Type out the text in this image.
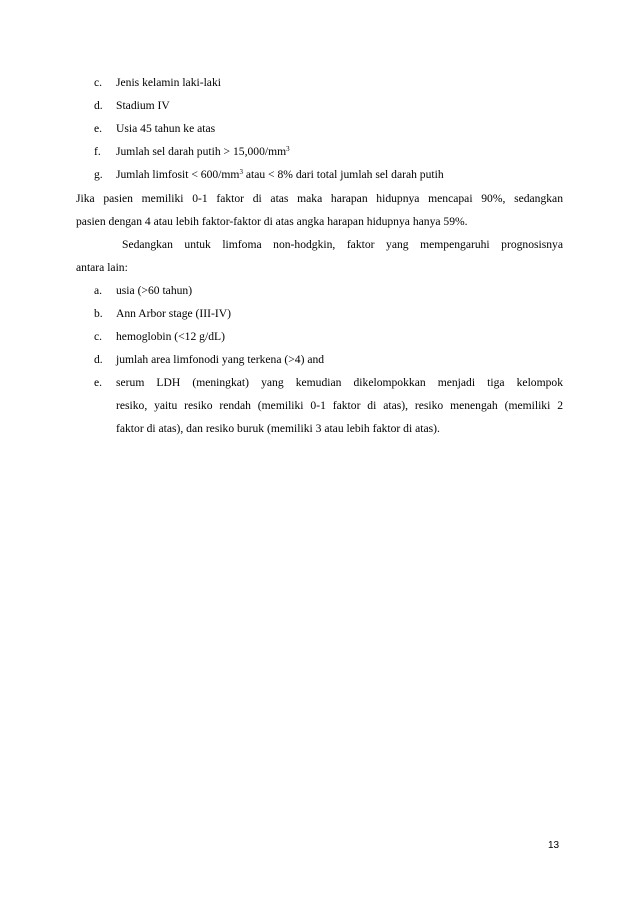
c. Jenis kelamin laki-laki
d. Stadium IV
e. Usia 45 tahun ke atas
f. Jumlah sel darah putih > $15,000/mm^3$
g. Jumlah limfosit < $600/mm^3$ atau < 8% dari total jumlah sel darah putih
Jika pasien memiliki 0-1 faktor di atas maka harapan hidupnya mencapai 90%, sedangkan
pasien dengan 4 atau lebih faktor-faktor di atas angka harapan hidupnya hanya 59%.
Sedangkan untuk limfoma non-hodgkin, faktor yang mempengaruhi prognosisnya
antara lain:
a. usia (>60 tahun)
b. Ann Arbor stage (III-IV)
c. hemoglobin (<12 g/dL)
d. jumlah area limfonodi yang terkena (>4) and
e. serum LDH (meningkat) yang kemudian dikelompokkan menjadi tiga kelompok
resiko, yaitu resiko rendah (memiliki 0-1 faktor di atas), resiko menengah (memiliki 2
faktor di atas), dan resiko buruk (memiliki 3 atau lebih faktor di atas).
13
